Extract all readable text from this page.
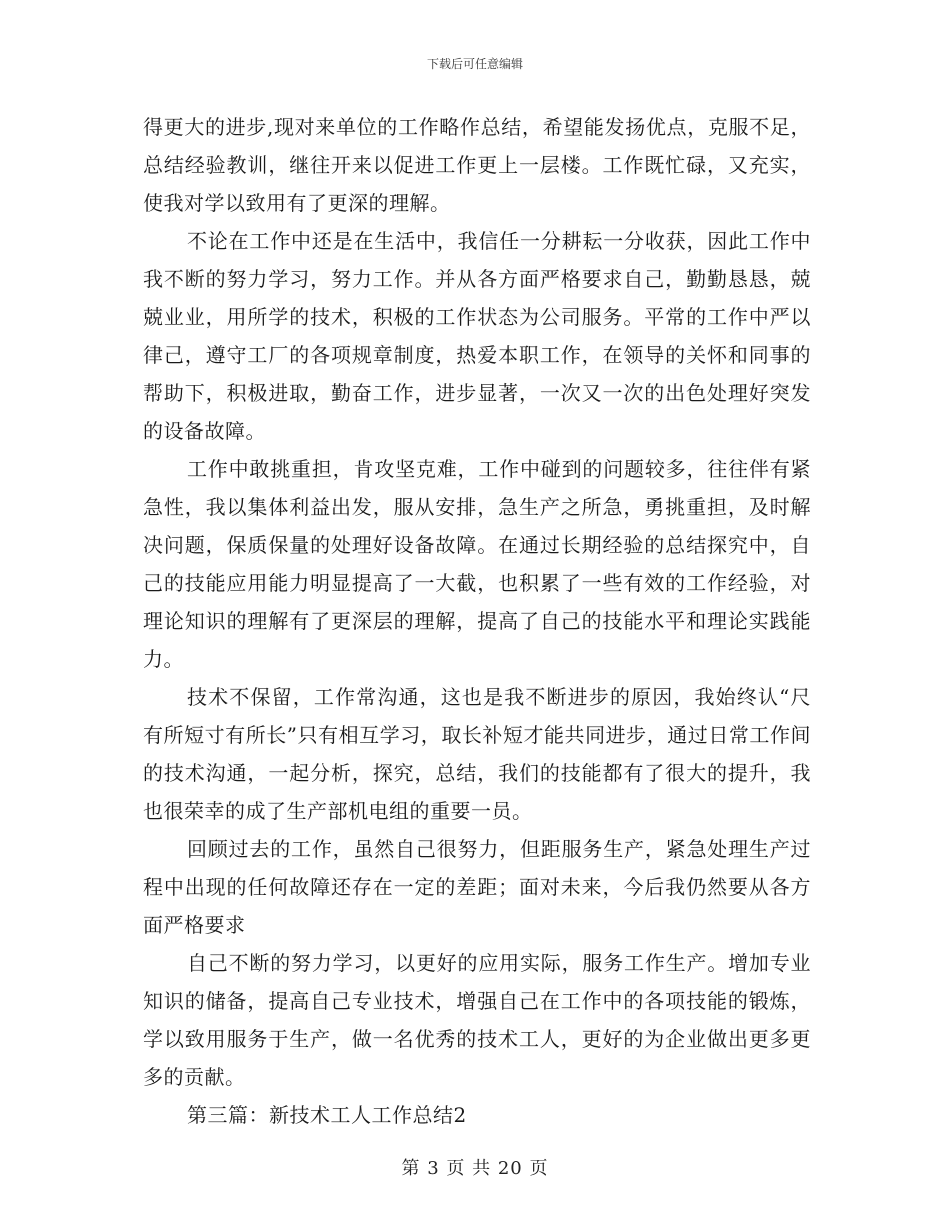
下载后可任意编辑

得更大的进步,现对来单位的工作略作总结，希望能发扬优点，克服不足，总结经验教训，继往开来以促进工作更上一层楼。工作既忙碌，又充实，使我对学以致用有了更深的理解。

不论在工作中还是在生活中，我信任一分耕耘一分收获，因此工作中我不断的努力学习，努力工作。并从各方面严格要求自己，勤勤恳恳，兢兢业业，用所学的技术，积极的工作状态为公司服务。平常的工作中严以律己，遵守工厂的各项规章制度，热爱本职工作，在领导的关怀和同事的帮助下，积极进取，勤奋工作，进步显著，一次又一次的出色处理好突发的设备故障。

工作中敢挑重担，肯攻坚克难，工作中碰到的问题较多，往往伴有紧急性，我以集体利益出发，服从安排，急生产之所急，勇挑重担，及时解决问题，保质保量的处理好设备故障。在通过长期经验的总结探究中，自己的技能应用能力明显提高了一大截，也积累了一些有效的工作经验，对理论知识的理解有了更深层的理解，提高了自己的技能水平和理论实践能力。

技术不保留，工作常沟通，这也是我不断进步的原因，我始终认“尺有所短寸有所长”只有相互学习，取长补短才能共同进步，通过日常工作间的技术沟通，一起分析，探究，总结，我们的技能都有了很大的提升，我也很荣幸的成了生产部机电组的重要一员。

回顾过去的工作，虽然自己很努力，但距服务生产，紧急处理生产过程中出现的任何故障还存在一定的差距；面对未来，今后我仍然要从各方面严格要求

自己不断的努力学习，以更好的应用实际，服务工作生产。增加专业知识的储备，提高自己专业技术，增强自己在工作中的各项技能的锻炼，学以致用服务于生产，做一名优秀的技术工人，更好的为企业做出更多更多的贡献。

第三篇：新技术工人工作总结2

第 3 页 共 20 页
